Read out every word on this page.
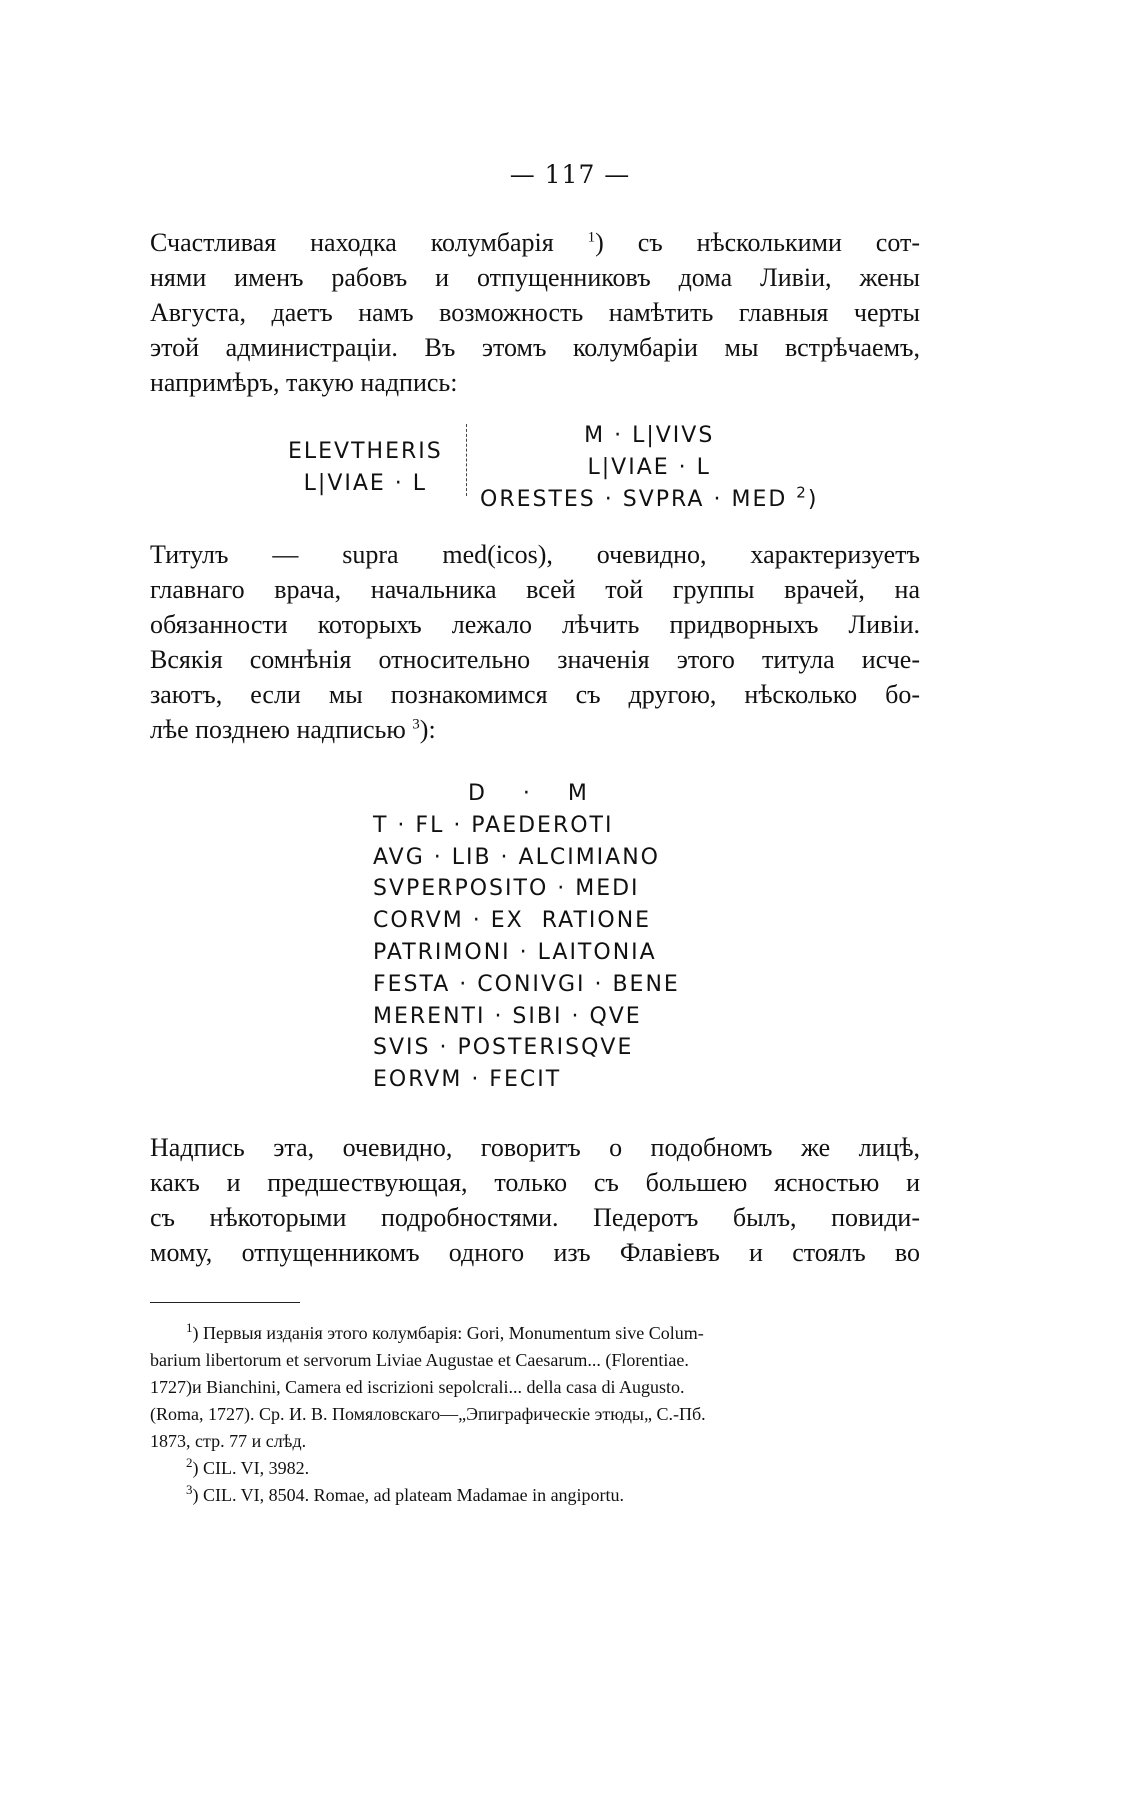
— 117 —
Счастливая находка колумбарія $^1$) съ нѣсколькими сот-
нями именъ рабовъ и отпущенниковъ дома Ливіи, жены
Августа, даетъ намъ возможность намѣтить главныя черты
этой администраціи. Въ этомъ колумбаріи мы встрѣчаемъ,
напримѣръ, такую надпись:
ELEVTHERIS
L|VIAE · L
M · L|VIVS
L|VIAE · L
ORESTES · SVPRA · MED $^2$)
Титулъ — supra med(icos), очевидно, характеризуетъ
главнаго врача, начальника всей той группы врачей, на
обязанности которыхъ лежало лѣчить придворныхъ Ливіи.
Всякія сомнѣнія относительно значенія этого титула исче-
заютъ, если мы познакомимся съ другою, нѣсколько бо-
лѣе позднею надписью $^3$):
D    ·    M
T · FL · PAEDEROTI
AVG · LIB · ALCIMIANO
SVPERPOSITO · MEDI
CORVM · EX  RATIONE
PATRIMONI · LAITONIA
FESTA · CONIVGI · BENE
MERENTI · SIBI · QVE
SVIS · POSTERISQVE
EORVM · FECIT
Надпись эта, очевидно, говоритъ о подобномъ же лицѣ,
какъ и предшествующая, только съ большею ясностью и
съ нѣкоторыми подробностями. Педеротъ былъ, повиди-
мому, отпущенникомъ одного изъ Флавіевъ и стоялъ во
$^1$) Первыя изданія этого колумбарія: Gori, Monumentum sive Colum-
barium libertorum et servorum Liviae Augustae et Caesarum... (Florentiae.
1727)и Bianchini, Camera ed iscrizioni sepolcrali... della casa di Augusto.
(Roma, 1727). Ср. И. В. Помяловскаго—„Эпиграфическіе этюды„ С.-Пб.
1873, стр. 77 и слѣд.
$^2$) CIL. VI, 3982.
$^3$) CIL. VI, 8504. Romae, ad plateam Madamae in angiportu.
